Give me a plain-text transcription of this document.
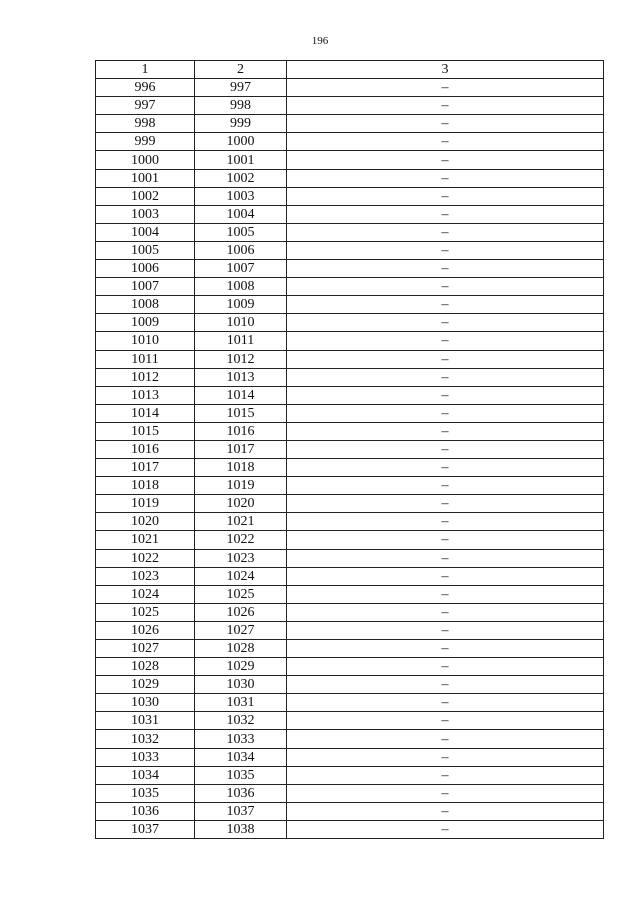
196
1	2	3
996	997	–
997	998	–
998	999	–
999	1000	–
1000	1001	–
1001	1002	–
1002	1003	–
1003	1004	–
1004	1005	–
1005	1006	–
1006	1007	–
1007	1008	–
1008	1009	–
1009	1010	–
1010	1011	–
1011	1012	–
1012	1013	–
1013	1014	–
1014	1015	–
1015	1016	–
1016	1017	–
1017	1018	–
1018	1019	–
1019	1020	–
1020	1021	–
1021	1022	–
1022	1023	–
1023	1024	–
1024	1025	–
1025	1026	–
1026	1027	–
1027	1028	–
1028	1029	–
1029	1030	–
1030	1031	–
1031	1032	–
1032	1033	–
1033	1034	–
1034	1035	–
1035	1036	–
1036	1037	–
1037	1038	–
